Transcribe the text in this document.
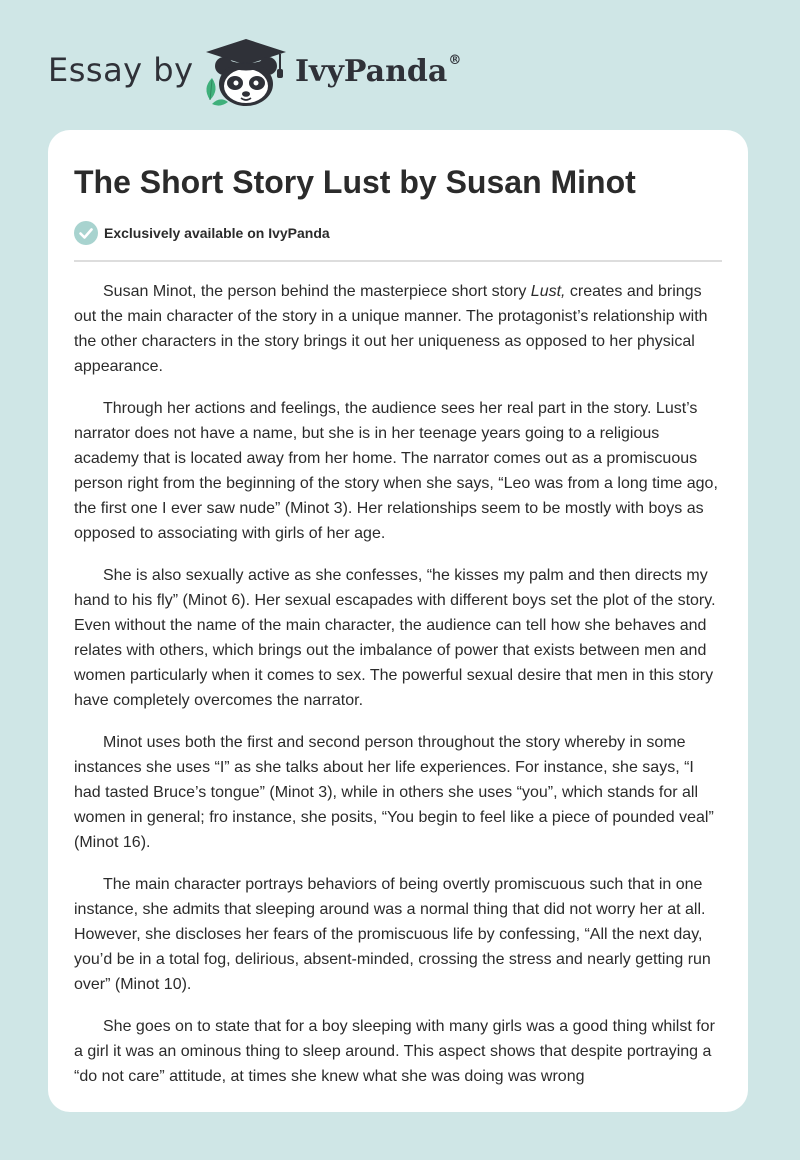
Essay by	IvyPanda®
The Short Story Lust by Susan Minot
Exclusively available on IvyPanda

Susan Minot, the person behind the masterpiece short story Lust, creates and brings out the main character of the story in a unique manner. The protagonist’s relationship with the other characters in the story brings it out her uniqueness as opposed to her physical appearance.

Through her actions and feelings, the audience sees her real part in the story. Lust’s narrator does not have a name, but she is in her teenage years going to a religious academy that is located away from her home. The narrator comes out as a promiscuous person right from the beginning of the story when she says, “Leo was from a long time ago, the first one I ever saw nude” (Minot 3). Her relationships seem to be mostly with boys as opposed to associating with girls of her age.

She is also sexually active as she confesses, “he kisses my palm and then directs my hand to his fly” (Minot 6). Her sexual escapades with different boys set the plot of the story. Even without the name of the main character, the audience can tell how she behaves and relates with others, which brings out the imbalance of power that exists between men and women particularly when it comes to sex. The powerful sexual desire that men in this story have completely overcomes the narrator.

Minot uses both the first and second person throughout the story whereby in some instances she uses “I” as she talks about her life experiences. For instance, she says, “I had tasted Bruce’s tongue” (Minot 3), while in others she uses “you”, which stands for all women in general; fro instance, she posits, “You begin to feel like a piece of pounded veal” (Minot 16).

The main character portrays behaviors of being overtly promiscuous such that in one instance, she admits that sleeping around was a normal thing that did not worry her at all. However, she discloses her fears of the promiscuous life by confessing, “All the next day, you’d be in a total fog, delirious, absent-minded, crossing the stress and nearly getting run over” (Minot 10).

She goes on to state that for a boy sleeping with many girls was a good thing whilst for a girl it was an ominous thing to sleep around. This aspect shows that despite portraying a “do not care” attitude, at times she knew what she was doing was wrong
